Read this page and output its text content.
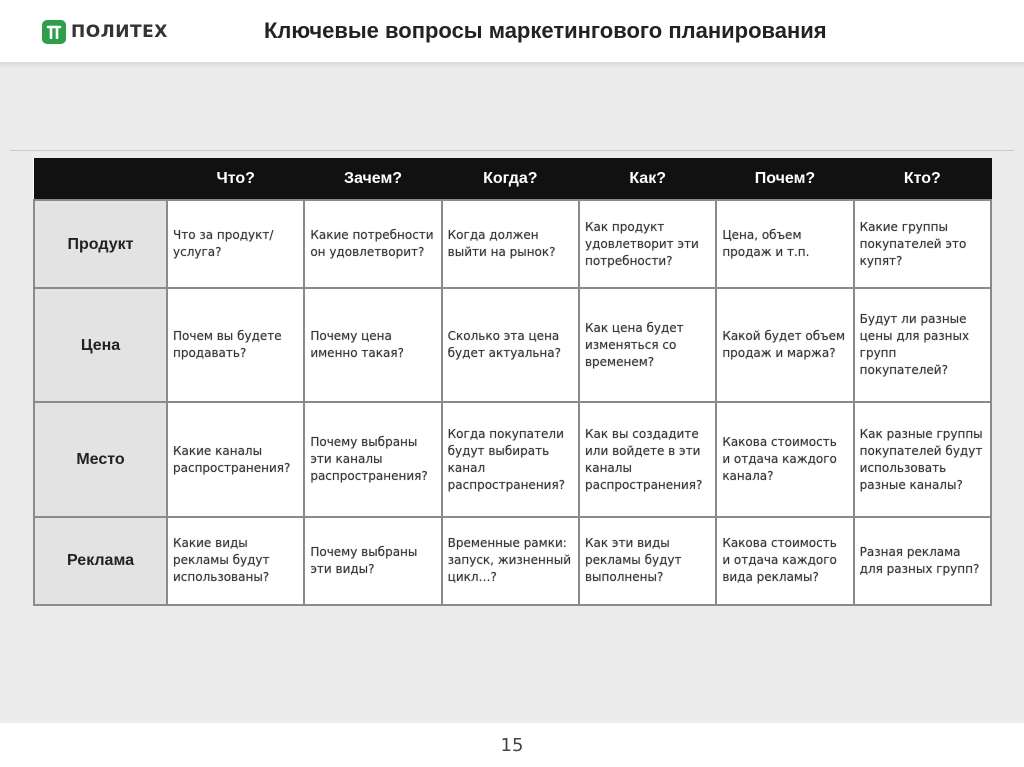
ПОЛИТЕХ	Ключевые вопросы маркетингового планирования
	Что?	Зачем?	Когда?	Как?	Почем?	Кто?
Продукт	Что за продукт/услуга?	Какие потребности он удовлетворит?	Когда должен выйти на рынок?	Как продукт удовлетворит эти потребности?	Цена, объем продаж и т.п.	Какие группы покупателей это купят?
Цена	Почем вы будете продавать?	Почему цена именно такая?	Сколько эта цена будет актуальна?	Как цена будет изменяться со временем?	Какой будет объем продаж и маржа?	Будут ли разные цены для разных групп покупателей?
Место	Какие каналы распространения?	Почему выбраны эти каналы распространения?	Когда покупатели будут выбирать канал распространения?	Как вы создадите или войдете в эти каналы распространения?	Какова стоимость и отдача каждого канала?	Как разные группы покупателей будут использовать разные каналы?
Реклама	Какие виды рекламы будут использованы?	Почему выбраны эти виды?	Временные рамки: запуск, жизненный цикл…?	Как эти виды рекламы будут выполнены?	Какова стоимость и отдача каждого вида рекламы?	Разная реклама для разных групп?
15
